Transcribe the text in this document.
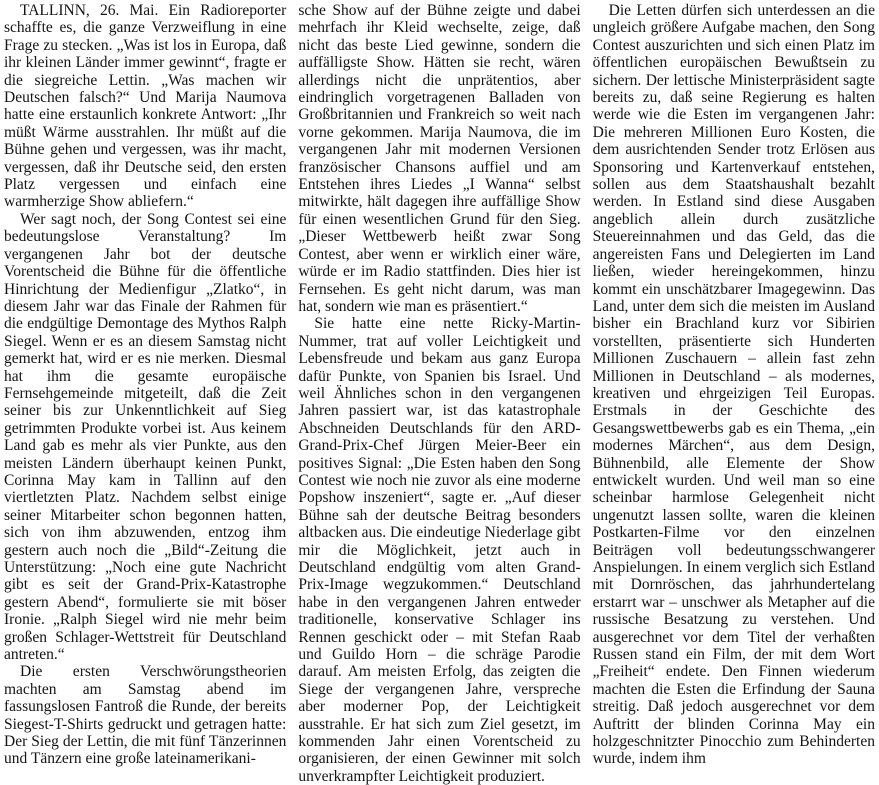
TALLINN, 26. Mai. Ein Radioreporter schaffte es, die ganze Verzweiflung in eine Frage zu stecken. „Was ist los in Europa, daß ihr kleinen Länder immer gewinnt“, fragte er die siegreiche Lettin. „Was machen wir Deutschen falsch?“ Und Marija Naumova hatte eine erstaunlich konkrete Antwort: „Ihr müßt Wärme ausstrahlen. Ihr müßt auf die Bühne gehen und vergessen, was ihr macht, vergessen, daß ihr Deutsche seid, den ersten Platz vergessen und einfach eine warmherzige Show abliefern.“

Wer sagt noch, der Song Contest sei eine bedeutungslose Veranstaltung? Im vergangenen Jahr bot der deutsche Vorentscheid die Bühne für die öffentliche Hinrichtung der Medienfigur „Zlatko“, in diesem Jahr war das Finale der Rahmen für die endgültige Demontage des Mythos Ralph Siegel. Wenn er es an diesem Samstag nicht gemerkt hat, wird er es nie merken. Diesmal hat ihm die gesamte europäische Fernsehgemeinde mitgeteilt, daß die Zeit seiner bis zur Unkenntlichkeit auf Sieg getrimmten Produkte vorbei ist. Aus keinem Land gab es mehr als vier Punkte, aus den meisten Ländern überhaupt keinen Punkt, Corinna May kam in Tallinn auf den viertletzten Platz. Nachdem selbst einige seiner Mitarbeiter schon begonnen hatten, sich von ihm abzuwenden, entzog ihm gestern auch noch die „Bild“-Zeitung die Unterstützung: „Noch eine gute Nachricht gibt es seit der Grand-Prix-Katastrophe gestern Abend“, formulierte sie mit böser Ironie. „Ralph Siegel wird nie mehr beim großen Schlager-Wettstreit für Deutschland antreten.“

Die ersten Verschwörungstheorien machten am Samstag abend im fassungslosen Fantroß die Runde, der bereits Siegest-T-Shirts gedruckt und getragen hatte: Der Sieg der Lettin, die mit fünf Tänzerinnen und Tänzern eine große lateinamerikani-

sche Show auf der Bühne zeigte und dabei mehrfach ihr Kleid wechselte, zeige, daß nicht das beste Lied gewinne, sondern die auffälligste Show. Hätten sie recht, wären allerdings nicht die unprätentios, aber eindringlich vorgetragenen Balladen von Großbritannien und Frankreich so weit nach vorne gekommen. Marija Naumova, die im vergangenen Jahr mit modernen Versionen französischer Chansons auffiel und am Entstehen ihres Liedes „I Wanna“ selbst mitwirkte, hält dagegen ihre auffällige Show für einen wesentlichen Grund für den Sieg. „Dieser Wettbewerb heißt zwar Song Contest, aber wenn er wirklich einer wäre, würde er im Radio stattfinden. Dies hier ist Fernsehen. Es geht nicht darum, was man hat, sondern wie man es präsentiert.“

Sie hatte eine nette Ricky-Martin-Nummer, trat auf voller Leichtigkeit und Lebensfreude und bekam aus ganz Europa dafür Punkte, von Spanien bis Israel. Und weil Ähnliches schon in den vergangenen Jahren passiert war, ist das katastrophale Abschneiden Deutschlands für den ARD-Grand-Prix-Chef Jürgen Meier-Beer ein positives Signal: „Die Esten haben den Song Contest wie noch nie zuvor als eine moderne Popshow inszeniert“, sagte er. „Auf dieser Bühne sah der deutsche Beitrag besonders altbacken aus. Die eindeutige Niederlage gibt mir die Möglichkeit, jetzt auch in Deutschland endgültig vom alten Grand-Prix-Image wegzukommen.“ Deutschland habe in den vergangenen Jahren entweder traditionelle, konservative Schlager ins Rennen geschickt oder – mit Stefan Raab und Guildo Horn – die schräge Parodie darauf. Am meisten Erfolg, das zeigten die Siege der vergangenen Jahre, verspreche aber moderner Pop, der Leichtigkeit ausstrahle. Er hat sich zum Ziel gesetzt, im kommenden Jahr einen Vorentscheid zu organisieren, der einen Gewinner mit solch unverkrampfter Leichtigkeit produziert.

Die Letten dürfen sich unterdessen an die ungleich größere Aufgabe machen, den Song Contest auszurichten und sich einen Platz im öffentlichen europäischen Bewußtsein zu sichern. Der lettische Ministerpräsident sagte bereits zu, daß seine Regierung es halten werde wie die Esten im vergangenen Jahr: Die mehreren Millionen Euro Kosten, die dem ausrichtenden Sender trotz Erlösen aus Sponsoring und Kartenverkauf entstehen, sollen aus dem Staatshaushalt bezahlt werden. In Estland sind diese Ausgaben angeblich allein durch zusätzliche Steuereinnahmen und das Geld, das die angereisten Fans und Delegierten im Land ließen, wieder hereingekommen, hinzu kommt ein unschätzbarer Imagegewinn. Das Land, unter dem sich die meisten im Ausland bisher ein Brachland kurz vor Sibirien vorstellten, präsentierte sich Hunderten Millionen Zuschauern – allein fast zehn Millionen in Deutschland – als modernes, kreativen und ehrgeizigen Teil Europas. Erstmals in der Geschichte des Gesangswettbewerbs gab es ein Thema, „ein modernes Märchen“, aus dem Design, Bühnenbild, alle Elemente der Show entwickelt wurden. Und weil man so eine scheinbar harmlose Gelegenheit nicht ungenutzt lassen sollte, waren die kleinen Postkarten-Filme vor den einzelnen Beiträgen voll bedeutungsschwangerer Anspielungen. In einem verglich sich Estland mit Dornröschen, das jahrhundertelang erstarrt war – unschwer als Metapher auf die russische Besatzung zu verstehen. Und ausgerechnet vor dem Titel der verhaßten Russen stand ein Film, der mit dem Wort „Freiheit“ endete. Den Finnen wiederum machten die Esten die Erfindung der Sauna streitig. Daß jedoch ausgerechnet vor dem Auftritt der blinden Corinna May ein holzgeschnitzter Pinocchio zum Behinderten wurde, indem ihm
